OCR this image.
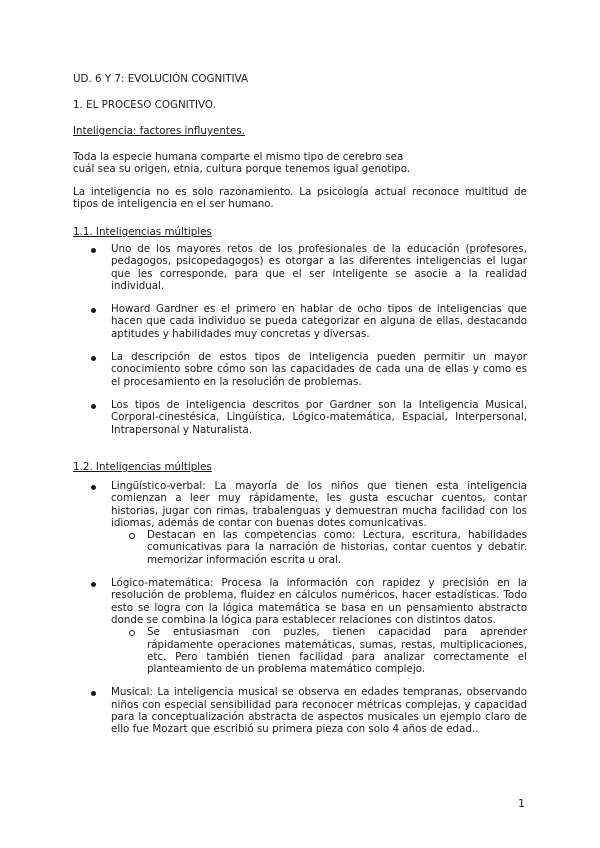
UD. 6 Y 7: EVOLUCIÓN COGNITIVA
1. EL PROCESO COGNITIVO.
Inteligencia: factores influyentes.
Toda la especie humana comparte el mismo tipo de cerebro sea
cuál sea su origen, etnia, cultura porque tenemos igual genotipo.
La inteligencia no es solo razonamiento. La psicología actual reconoce multitud de tipos de inteligencia en el ser humano.
1.1. Inteligencias múltiples
Uno de los mayores retos de los profesionales de la educación (profesores, pedagogos, psicopedagogos) es otorgar a las diferentes inteligencias el lugar que les corresponde, para que el ser inteligente se asocie a la realidad individual.
Howard Gardner es el primero en hablar de ocho tipos de inteligencias que hacen que cada individuo se pueda categorizar en alguna de ellas, destacando aptitudes y habilidades muy concretas y diversas.
La descripción de estos tipos de inteligencia pueden permitir un mayor conocimiento sobre cómo son las capacidades de cada una de ellas y como es el procesamiento en la resolución de problemas.
Los tipos de inteligencia descritos por Gardner son la Inteligencia Musical, Corporal-cinestésica, Lingüística, Lógico-matemática, Espacial, Interpersonal, Intrapersonal y Naturalista.
1.2. Inteligencias múltiples
Lingüístico-verbal: La mayoría de los niños que tienen esta inteligencia comienzan a leer muy rápidamente, les gusta escuchar cuentos, contar historias, jugar con rimas, trabalenguas y demuestran mucha facilidad con los idiomas, además de contar con buenas dotes comunicativas.
Destacan en las competencias como: Lectura, escritura, habilidades comunicativas para la narración de historias, contar cuentos y debatir. memorizar información escrita u oral.
Lógico-matemática: Procesa la información con rapidez y precisión en la resolución de problema, fluidez en cálculos numéricos, hacer estadísticas. Todo esto se logra con la lógica matemática se basa en un pensamiento abstracto donde se combina la lógica para establecer relaciones con distintos datos.
Se entusiasman con puzles, tienen capacidad para aprender rápidamente operaciones matemáticas, sumas, restas, multiplicaciones, etc. Pero también tienen facilidad para analizar correctamente el planteamiento de un problema matemático complejo.
Musical: La inteligencia musical se observa en edades tempranas, observando niños con especial sensibilidad para reconocer métricas complejas, y capacidad para la conceptualización abstracta de aspectos musicales un ejemplo claro de ello fue Mozart que escribió su primera pieza con solo 4 años de edad..
1
